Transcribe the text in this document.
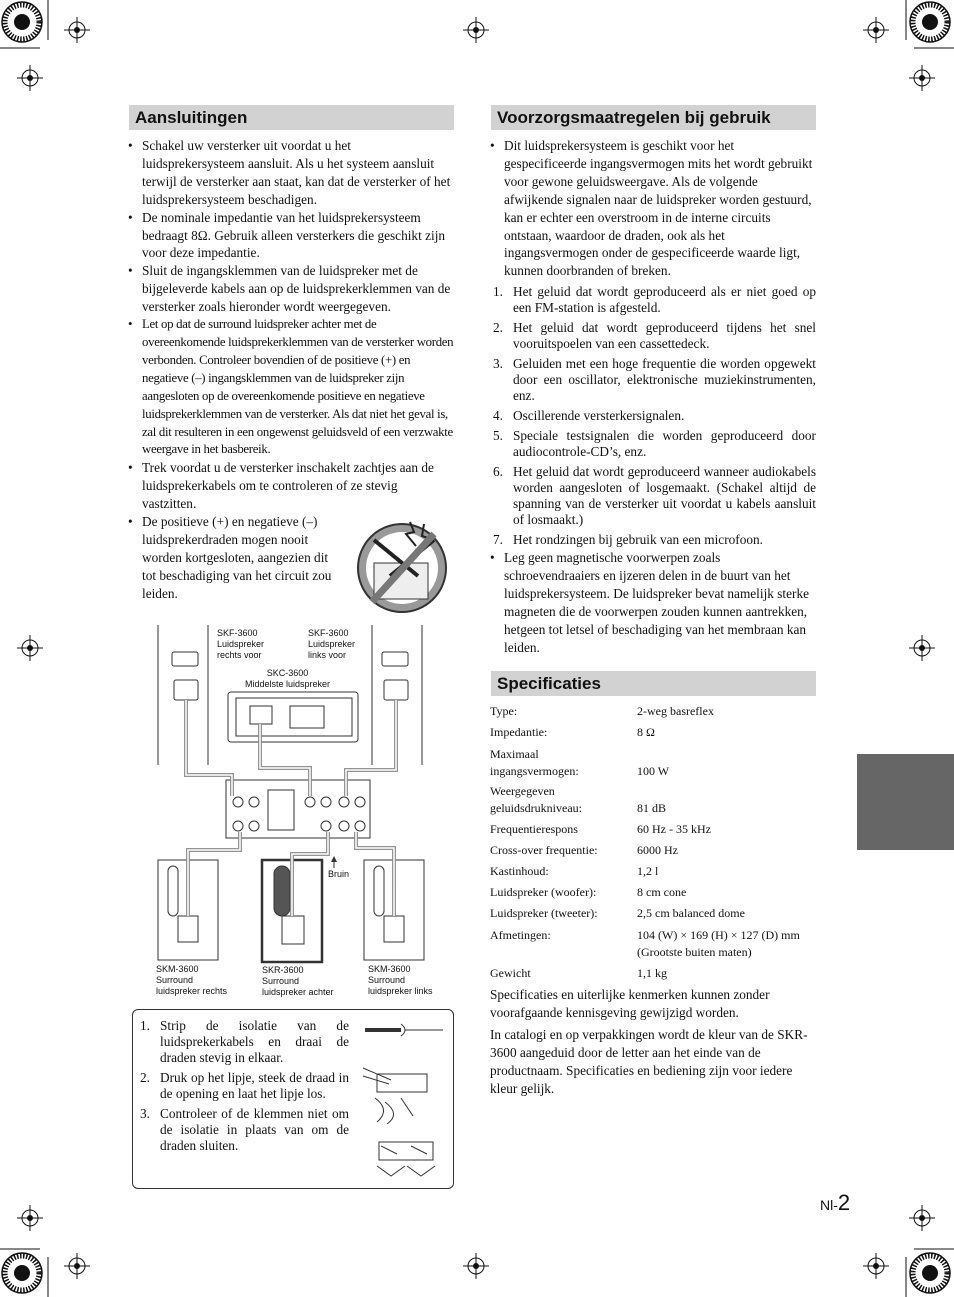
Aansluitingen
• Schakel uw versterker uit voordat u het luidsprekersysteem aansluit. Als u het systeem aansluit terwijl de versterker aan staat, kan dat de versterker of het luidsprekersysteem beschadigen.
• De nominale impedantie van het luidsprekersysteem bedraagt 8Ω. Gebruik alleen versterkers die geschikt zijn voor deze impedantie.
• Sluit de ingangsklemmen van de luidspreker met de bijgeleverde kabels aan op de luidsprekerklemmen van de versterker zoals hieronder wordt weergegeven.
• Let op dat de surround luidspreker achter met de overeenkomende luidsprekerklemmen van de versterker worden verbonden. Controleer bovendien of de positieve (+) en negatieve (–) ingangsklemmen van de luidspreker zijn aangesloten op de overeenkomende positieve en negatieve luidsprekerklemmen van de versterker. Als dat niet het geval is, zal dit resulteren in een ongewenst geluidsveld of een verzwakte weergave in het basbereik.
• Trek voordat u de versterker inschakelt zachtjes aan de luidsprekerkabels om te controleren of ze stevig vastzitten.
• De positieve (+) en negatieve (–) luidsprekerdraden mogen nooit worden kortgesloten, aangezien dit tot beschadiging van het circuit zou leiden.
SKF-3600
Luidspreker
rechts voor
SKF-3600
Luidspreker
links voor
SKC-3600
Middelste luidspreker
Bruin
SKM-3600
Surround
luidspreker rechts
SKR-3600
Surround
luidspreker achter
SKM-3600
Surround
luidspreker links
1. Strip de isolatie van de luidsprekerkabels en draai de draden stevig in elkaar.
2. Druk op het lipje, steek de draad in de opening en laat het lipje los.
3. Controleer of de klemmen niet om de isolatie in plaats van om de draden sluiten.
Voorzorgsmaatregelen bij gebruik
• Dit luidsprekersysteem is geschikt voor het gespecificeerde ingangsvermogen mits het wordt gebruikt voor gewone geluidsweergave. Als de volgende afwijkende signalen naar de luidspreker worden gestuurd, kan er echter een overstroom in de interne circuits ontstaan, waardoor de draden, ook als het ingangsvermogen onder de gespecificeerde waarde ligt, kunnen doorbranden of breken.
1. Het geluid dat wordt geproduceerd als er niet goed op een FM-station is afgesteld.
2. Het geluid dat wordt geproduceerd tijdens het snel vooruitspoelen van een cassettedeck.
3. Geluiden met een hoge frequentie die worden opgewekt door een oscillator, elektronische muziekinstrumenten, enz.
4. Oscillerende versterkersignalen.
5. Speciale testsignalen die worden geproduceerd door audiocontrole-CD’s, enz.
6. Het geluid dat wordt geproduceerd wanneer audiokabels worden aangesloten of losgemaakt. (Schakel altijd de spanning van de versterker uit voordat u kabels aansluit of losmaakt.)
7. Het rondzingen bij gebruik van een microfoon.
• Leg geen magnetische voorwerpen zoals schroevendraaiers en ijzeren delen in de buurt van het luidsprekersysteem. De luidspreker bevat namelijk sterke magneten die de voorwerpen zouden kunnen aantrekken, hetgeen tot letsel of beschadiging van het membraan kan leiden.
Specificaties
Type:	2-weg basreflex
Impedantie:	8 Ω
Maximaal ingangsvermogen:	100 W
Weergegeven geluidsdrukniveau:	81 dB
Frequentierespons	60 Hz - 35 kHz
Cross-over frequentie:	6000 Hz
Kastinhoud:	1,2 l
Luidspreker (woofer):	8 cm cone
Luidspreker (tweeter):	2,5 cm balanced dome
Afmetingen:	104 (W) × 169 (H) × 127 (D) mm (Grootste buiten maten)
Gewicht	1,1 kg
Specificaties en uiterlijke kenmerken kunnen zonder voorafgaande kennisgeving gewijzigd worden.
In catalogi en op verpakkingen wordt de kleur van de SKR-3600 aangeduid door de letter aan het einde van de productnaam. Specificaties en bediening zijn voor iedere kleur gelijk.
Nl-2
